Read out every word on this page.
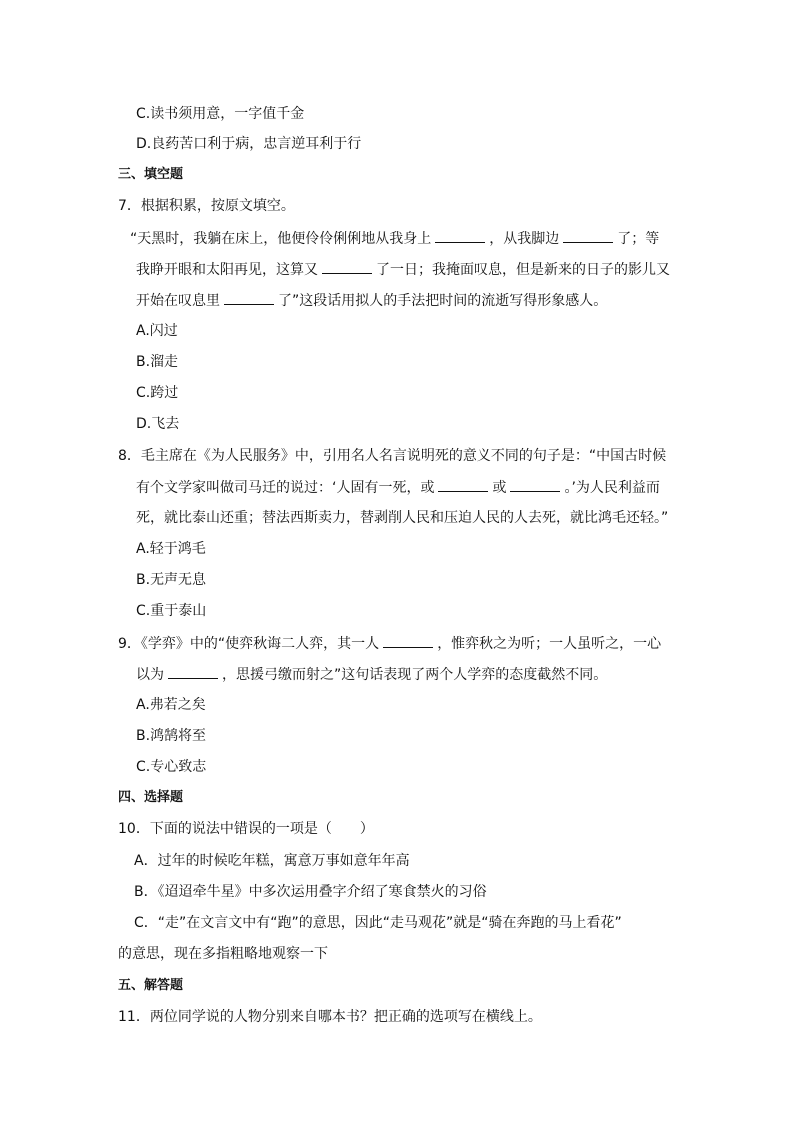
C.读书须用意，一字值千金
D.良药苦口利于病，忠言逆耳利于行
三、填空题
7．根据积累，按原文填空。
“天黑时，我躺在床上，他便伶伶俐俐地从我身上	，从我脚边	了；等
我睁开眼和太阳再见，这算又	了一日；我掩面叹息，但是新来的日子的影儿又
开始在叹息里	了”这段话用拟人的手法把时间的流逝写得形象感人。
A.闪过
B.溜走
C.跨过
D.飞去
8．毛主席在《为人民服务》中，引用名人名言说明死的意义不同的句子是：“中国古时候
有个文学家叫做司马迁的说过：‘人固有一死，或	或	。’为人民利益而
死，就比泰山还重；替法西斯卖力，替剥削人民和压迫人民的人去死，就比鸿毛还轻。”
A.轻于鸿毛
B.无声无息
C.重于泰山
9．《学弈》中的“使弈秋诲二人弈，其一人	，惟弈秋之为听；一人虽听之，一心
以为	，思援弓缴而射之”这句话表现了两个人学弈的态度截然不同。
A.弗若之矣
B.鸿鹄将至
C.专心致志
四、选择题
10．下面的说法中错误的一项是（　　）
A．过年的时候吃年糕，寓意万事如意年年高
B．《迢迢牵牛星》中多次运用叠字介绍了寒食禁火的习俗
C．“走”在文言文中有“跑”的意思，因此“走马观花”就是“骑在奔跑的马上看花”
的意思，现在多指粗略地观察一下
五、解答题
11．两位同学说的人物分别来自哪本书？把正确的选项写在横线上。
